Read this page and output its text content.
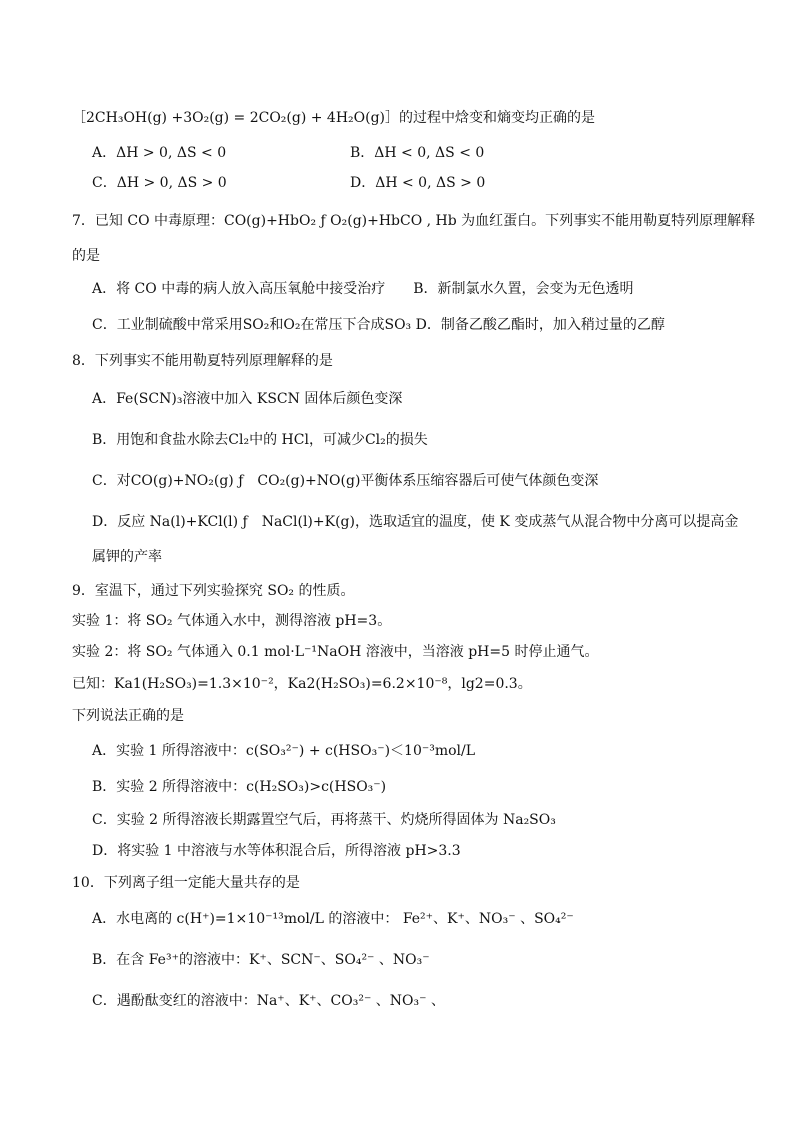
［2CH₃OH(g) +3O₂(g) = 2CO₂(g) + 4H₂O(g)］的过程中焓变和熵变均正确的是
A．ΔH > 0, ΔS < 0	B．ΔH < 0, ΔS < 0
C．ΔH > 0, ΔS > 0	D．ΔH < 0, ΔS > 0
7．已知 CO 中毒原理：CO(g)+HbO₂ ƒ O₂(g)+HbCO , Hb 为血红蛋白。下列事实不能用勒夏特列原理解释
的是
A．将 CO 中毒的病人放入高压氧舱中接受治疗　　B．新制氯水久置，会变为无色透明
C．工业制硫酸中常采用SO₂和O₂在常压下合成SO₃ D．制备乙酸乙酯时，加入稍过量的乙醇
8．下列事实不能用勒夏特列原理解释的是
A．Fe(SCN)₃溶液中加入 KSCN 固体后颜色变深
B．用饱和食盐水除去Cl₂中的 HCl，可减少Cl₂的损失
C．对CO(g)+NO₂(g) ƒ　CO₂(g)+NO(g)平衡体系压缩容器后可使气体颜色变深
D．反应 Na(l)+KCl(l) ƒ　NaCl(l)+K(g)，选取适宜的温度，使 K 变成蒸气从混合物中分离可以提高金
属钾的产率
9．室温下，通过下列实验探究 SO₂ 的性质。
实验 1：将 SO₂ 气体通入水中，测得溶液 pH=3。
实验 2：将 SO₂ 气体通入 0.1 mol·L⁻¹NaOH 溶液中，当溶液 pH=5 时停止通气。
已知：Ka1(H₂SO₃)=1.3×10⁻²，Ka2(H₂SO₃)=6.2×10⁻⁸，lg2=0.3。
下列说法正确的是
A．实验 1 所得溶液中：c(SO₃²⁻) + c(HSO₃⁻)＜10⁻³mol/L
B．实验 2 所得溶液中：c(H₂SO₃)>c(HSO₃⁻)
C．实验 2 所得溶液长期露置空气后，再将蒸干、灼烧所得固体为 Na₂SO₃
D．将实验 1 中溶液与水等体积混合后，所得溶液 pH>3.3
10．下列离子组一定能大量共存的是
A．水电离的 c(H⁺)=1×10⁻¹³mol/L 的溶液中： Fe²⁺、K⁺、NO₃⁻ 、SO₄²⁻
B．在含 Fe³⁺的溶液中：K⁺、SCN⁻、SO₄²⁻ 、NO₃⁻
C．遇酚酞变红的溶液中：Na⁺、K⁺、CO₃²⁻ 、NO₃⁻ 、
